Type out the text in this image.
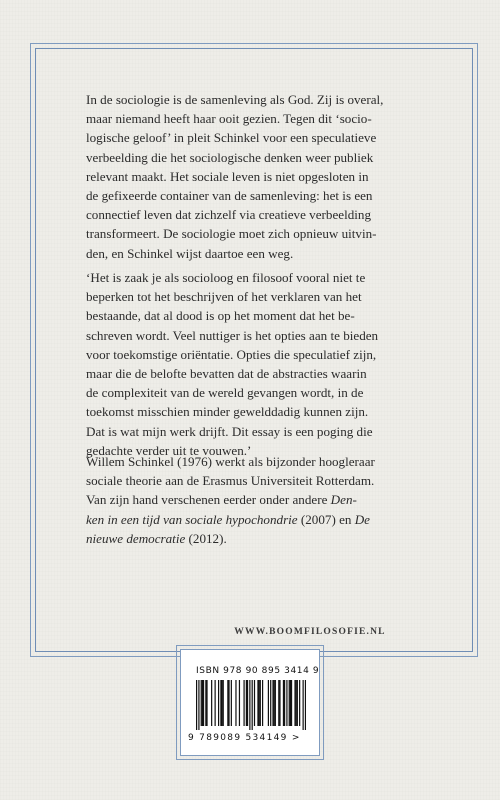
In de sociologie is de samenleving als God. Zij is overal,
maar niemand heeft haar ooit gezien. Tegen dit ‘socio-
logische geloof’ in pleit Schinkel voor een speculatieve
verbeelding die het sociologische denken weer publiek
relevant maakt. Het sociale leven is niet opgesloten in
de gefixeerde container van de samenleving: het is een
connectief leven dat zichzelf via creatieve verbeelding
transformeert. De sociologie moet zich opnieuw uitvin-
den, en Schinkel wijst daartoe een weg.
‘Het is zaak je als socioloog en filosoof vooral niet te
beperken tot het beschrijven of het verklaren van het
bestaande, dat al dood is op het moment dat het be-
schreven wordt. Veel nuttiger is het opties aan te bieden
voor toekomstige oriëntatie. Opties die speculatief zijn,
maar die de belofte bevatten dat de abstracties waarin
de complexiteit van de wereld gevangen wordt, in de
toekomst misschien minder gewelddadig kunnen zijn.
Dat is wat mijn werk drijft. Dit essay is een poging die
gedachte verder uit te vouwen.’
Willem Schinkel (1976) werkt als bijzonder hoogleraar
sociale theorie aan de Erasmus Universiteit Rotterdam.
Van zijn hand verschenen eerder onder andere Den-
ken in een tijd van sociale hypochondrie (2007) en De
nieuwe democratie (2012).
WWW.BOOMFILOSOFIE.NL
ISBN 978 90 895 3414 9
9 789089 534149 >
